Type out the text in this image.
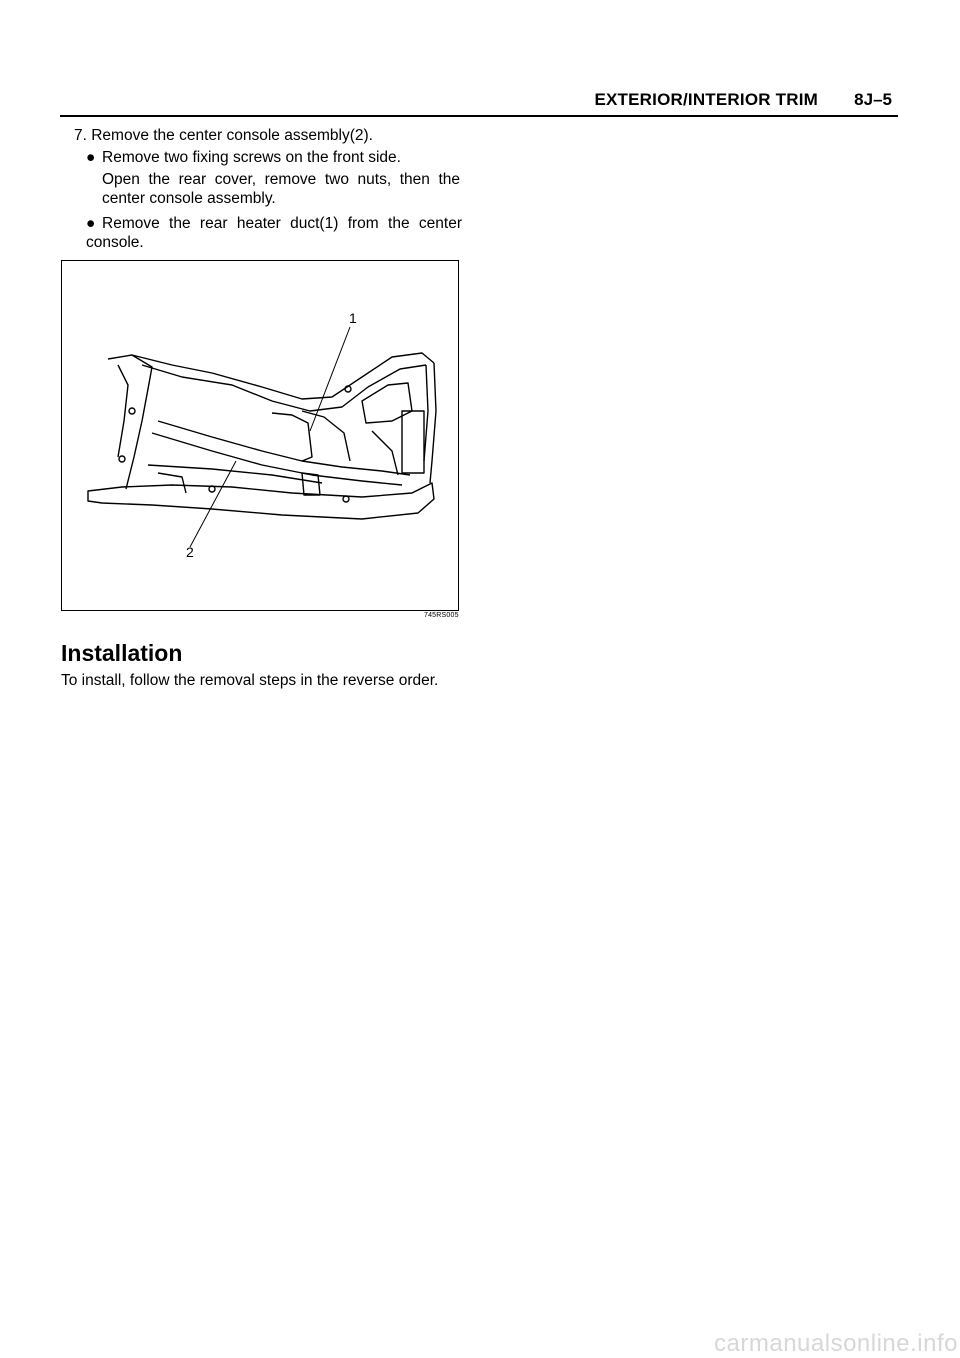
EXTERIOR/INTERIOR TRIM 8J–5
7. Remove the center console assembly(2).
● Remove two fixing screws on the front side.
Open the rear cover, remove two nuts, then the center console assembly.
● Remove the rear heater duct(1) from the center console.
1
2
745RS005
Installation
To install, follow the removal steps in the reverse order.
carmanualsonline.info
